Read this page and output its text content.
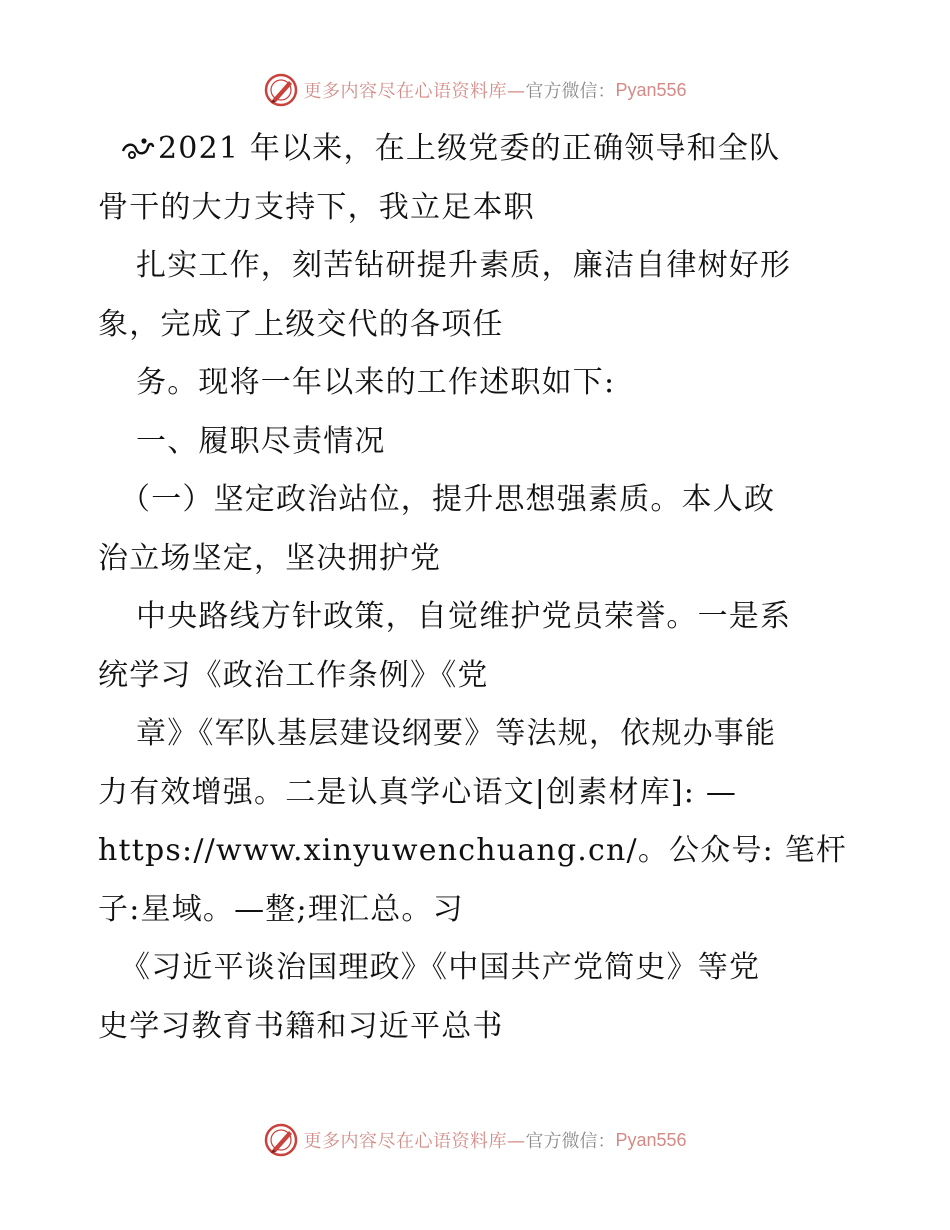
更多内容尽在心语资料库— 官方微信： Pyan556
2021 年以来，在上级党委的正确领导和全队
骨干的大力支持下，我立足本职
扎实工作，刻苦钻研提升素质，廉洁自律树好形
象，完成了上级交代的各项任
务。现将一年以来的工作述职如下:
一、履职尽责情况
（一）坚定政治站位，提升思想强素质。本人政
治立场坚定，坚决拥护党
中央路线方针政策，自觉维护党员荣誉。一是系
统学习《政治工作条例》《党
章》《军队基层建设纲要》等法规，依规办事能
力有效增强。二是认真学心语文|创素材库]: —
https://www.xinyuwenchuang.cn/。公众号: 笔杆
子:星域。—整;理汇总。习
《习近平谈治国理政》《中国共产党简史》等党
史学习教育书籍和习近平总书
更多内容尽在心语资料库— 官方微信： Pyan556
